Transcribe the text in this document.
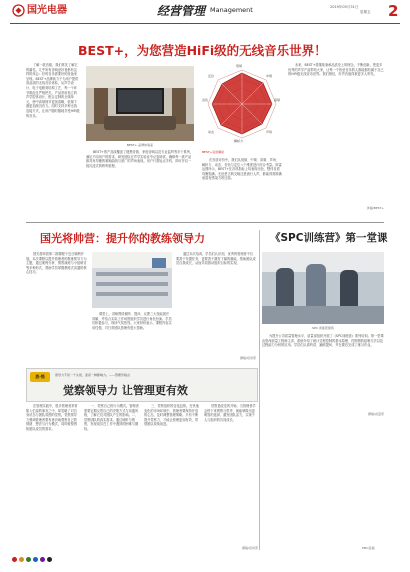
国光电器	经营管理 Management	2019年05月31日
星期五 2
BEST+，为您营造HiFi级的无线音乐世界！

了解一款音箱，我们常先了解它的属性。几乎所有音响爱好者都有这样的体会：好的音乐需要好的设备来呈现。BEST+品牌致力于为用户提供高品质的无线音乐体验，从声学设计、电子电路到结构工艺，每一个环节都经过严格把关。产品采用独立的声学腔体设计，配合定制的全频单元，使中高频细节更加清晰，低频下潜更加深沉有力。同时支持多种无线连接方式，让用户随时随地享受HiFi级的音乐。

BEST+ 品牌体验室

BEST+的产品线覆盖了便携音箱、家庭音响以及专业监听等多个系列，满足不同用户的需求。研发团队在声学实验室中反复调试，确保每一款产品都具有均衡的频响曲线与宽广的声场表现。用户只需轻点手机，即可开启一段沉浸式的聆听旅程。

低频
中频
高频
声场
解析力
动态
音色
定位
BEST+音质解析

在音质评价中，我们从低频、中频、高频、声场、解析力、动态、音色与定位八个维度进行综合考量。如雷达图所示，BEST+在各项指标上均表现出色，整体音质均衡饱满。无论是古典交响还是流行人声，都能得到准确而富有感染力的还原。

未来，BEST+将继续秉承品质至上的理念，不断创新，把更多优秀的声学产品带给大家，让每一个热爱音乐的人都能拥有属于自己的HiFi级无线音乐世界。我们相信，好声音值得被更多人听见。

供稿/BEST+
国光将帅营：提升你的教练领导力	《SPC训练营》第一堂课

国光将帅营第二期课程于近日顺利开展。本次课程以提升管理者的教练领导力为主题，通过案例分析、情景演练与小组研讨等多种形式，帮助学员掌握教练式沟通的核心技巧。

课堂上，讲师围绕倾听、提问、反馈三大技能展开讲解，并结合实际工作场景组织学员进行角色扮演。学员们积极参与，现场气氛热烈。大家纷纷表示，课程内容实用性强，对日常团队管理有很大帮助。

通过本次培训，学员们认识到，优秀的管理者不仅要善于布置任务，更要善于激发下属的潜能，帮助团队成员自我成长，从而共同推动组织目标的实现。

撰稿/培训部
SPC 训练营现场

为提升公司质量管理水平，质量部组织开展了《SPC训练营》系列培训。第一堂课由资深质量工程师主讲，系统介绍了统计过程控制的基本原理、控制图的绘制方法以及过程能力分析的应用。学员们认真听讲、踊跃提问，并在课后完成了练习作业。

撰稿/质量部
思·悟	领导力不是一个头衔，而是一种影响力。——管理学格言
觉察领导力 让管理更有效

在管理实践中，很多管理者常常陷入忙碌的事务之中，却忽略了对自身状态与团队氛围的觉察。觉察领导力强调管理者要有意识地观察自己的情绪、想法与行为模式，同时敏锐感知团队成员的需求。

一、觉察自己的行为模式。管理者需要定期反思自己的决策方式与沟通风格，了解它们对团队产生的影响。二、觉察团队的真实需求。通过倾听与观察，发现成员在工作中遇到的困难与期待。

三、觉察组织的变化趋势。在快速变化的市场环境中，管理者要保持开放的心态，及时调整管理策略。只有不断提升觉察力，才能让管理更加有效，带领团队持续前进。

觉察是改变的开始。当管理者学会停下来观察与思考，就能够做出更明智的选择，激发团队活力，实现个人与组织的共同成长。

撰稿/培训部	PMC投稿
